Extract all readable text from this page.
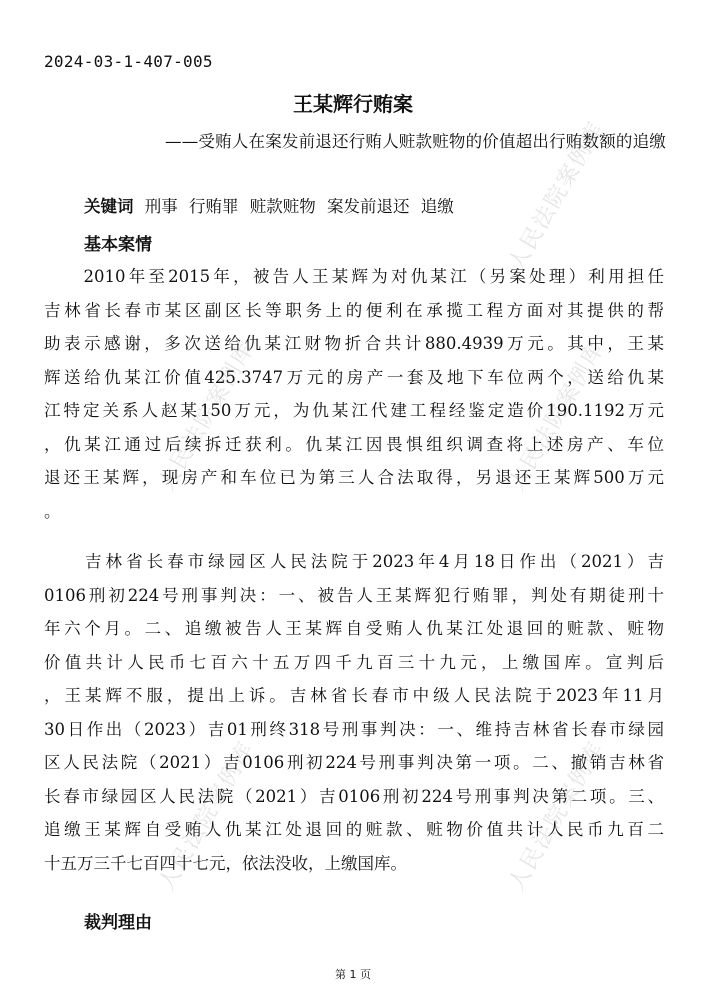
人民法院案例库	人民法院案例库
人民法院案例库	人民法院案例库
人民法院案例库
2024-03-1-407-005
王某辉行贿案
——受贿人在案发前退还行贿人赃款赃物的价值超出行贿数额的追缴
关键词 刑事 行贿罪 赃款赃物 案发前退还 追缴
基本案情
　　2010年至2015年，被告人王某辉为对仇某江（另案处理）利用担任
吉林省长春市某区副区长等职务上的便利在承揽工程方面对其提供的帮
助表示感谢，多次送给仇某江财物折合共计880.4939万元。其中，王某
辉送给仇某江价值425.3747万元的房产一套及地下车位两个，送给仇某
江特定关系人赵某150万元，为仇某江代建工程经鉴定造价190.1192万元
，仇某江通过后续拆迁获利。仇某江因畏惧组织调查将上述房产、车位
退还王某辉，现房产和车位已为第三人合法取得，另退还王某辉500万元
。
　　吉林省长春市绿园区人民法院于2023年4月18日作出（2021）吉
0106刑初224号刑事判决：一、被告人王某辉犯行贿罪，判处有期徒刑十
年六个月。二、追缴被告人王某辉自受贿人仇某江处退回的赃款、赃物
价值共计人民币七百六十五万四千九百三十九元，上缴国库。宣判后
，王某辉不服，提出上诉。吉林省长春市中级人民法院于2023年11月
30日作出（2023）吉01刑终318号刑事判决：一、维持吉林省长春市绿园
区人民法院（2021）吉0106刑初224号刑事判决第一项。二、撤销吉林省
长春市绿园区人民法院（2021）吉0106刑初224号刑事判决第二项。三、
追缴王某辉自受贿人仇某江处退回的赃款、赃物价值共计人民币九百二
十五万三千七百四十七元，依法没收，上缴国库。
裁判理由
第 1 页
